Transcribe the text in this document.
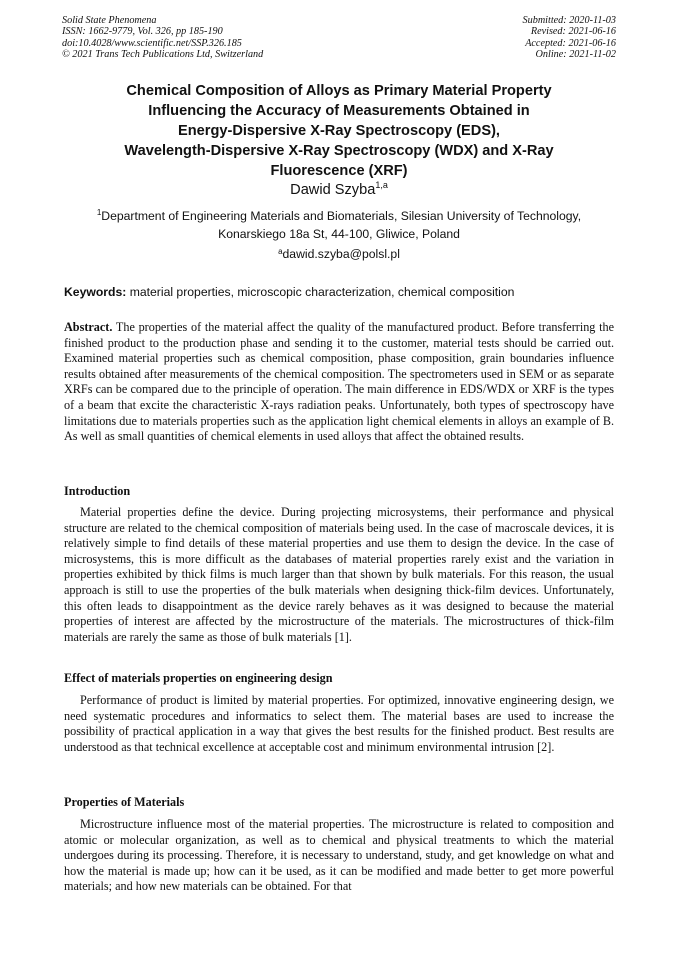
Solid State Phenomena
ISSN: 1662-9779, Vol. 326, pp 185-190
doi:10.4028/www.scientific.net/SSP.326.185
© 2021 Trans Tech Publications Ltd, Switzerland
Submitted: 2020-11-03
Revised: 2021-06-16
Accepted: 2021-06-16
Online: 2021-11-02
Chemical Composition of Alloys as Primary Material Property
Influencing the Accuracy of Measurements Obtained in
Energy-Dispersive X-Ray Spectroscopy (EDS),
Wavelength-Dispersive X-Ray Spectroscopy (WDX) and X-Ray
Fluorescence (XRF)
Dawid Szyba$^{1,a}$
$^1$Department of Engineering Materials and Biomaterials, Silesian University of Technology,
Konarskiego 18a St, 44-100, Gliwice, Poland
$^a$dawid.szyba@polsl.pl
Keywords: material properties, microscopic characterization, chemical composition
Abstract. The properties of the material affect the quality of the manufactured product. Before transferring the finished product to the production phase and sending it to the customer, material tests should be carried out. Examined material properties such as chemical composition, phase composition, grain boundaries influence results obtained after measurements of the chemical composition. The spectrometers used in SEM or as separate XRFs can be compared due to the principle of operation. The main difference in EDS/WDX or XRF is the types of a beam that excite the characteristic X-rays radiation peaks. Unfortunately, both types of spectroscopy have limitations due to materials properties such as the application light chemical elements in alloys an example of B. As well as small quantities of chemical elements in used alloys that affect the obtained results.
Introduction
Material properties define the device. During projecting microsystems, their performance and physical structure are related to the chemical composition of materials being used. In the case of macroscale devices, it is relatively simple to find details of these material properties and use them to design the device. In the case of microsystems, this is more difficult as the databases of material properties rarely exist and the variation in properties exhibited by thick films is much larger than that shown by bulk materials. For this reason, the usual approach is still to use the properties of the bulk materials when designing thick-film devices. Unfortunately, this often leads to disappointment as the device rarely behaves as it was designed to because the material properties of interest are affected by the microstructure of the materials. The microstructures of thick-film materials are rarely the same as those of bulk materials [1].
Effect of materials properties on engineering design
Performance of product is limited by material properties. For optimized, innovative engineering design, we need systematic procedures and informatics to select them. The material bases are used to increase the possibility of practical application in a way that gives the best results for the finished product. Best results are understood as that technical excellence at acceptable cost and minimum environmental intrusion [2].
Properties of Materials
Microstructure influence most of the material properties. The microstructure is related to composition and atomic or molecular organization, as well as to chemical and physical treatments to which the material undergoes during its processing. Therefore, it is necessary to understand, study, and get knowledge on what and how the material is made up; how can it be used, as it can be modified and made better to get more powerful materials; and how new materials can be obtained. For that
